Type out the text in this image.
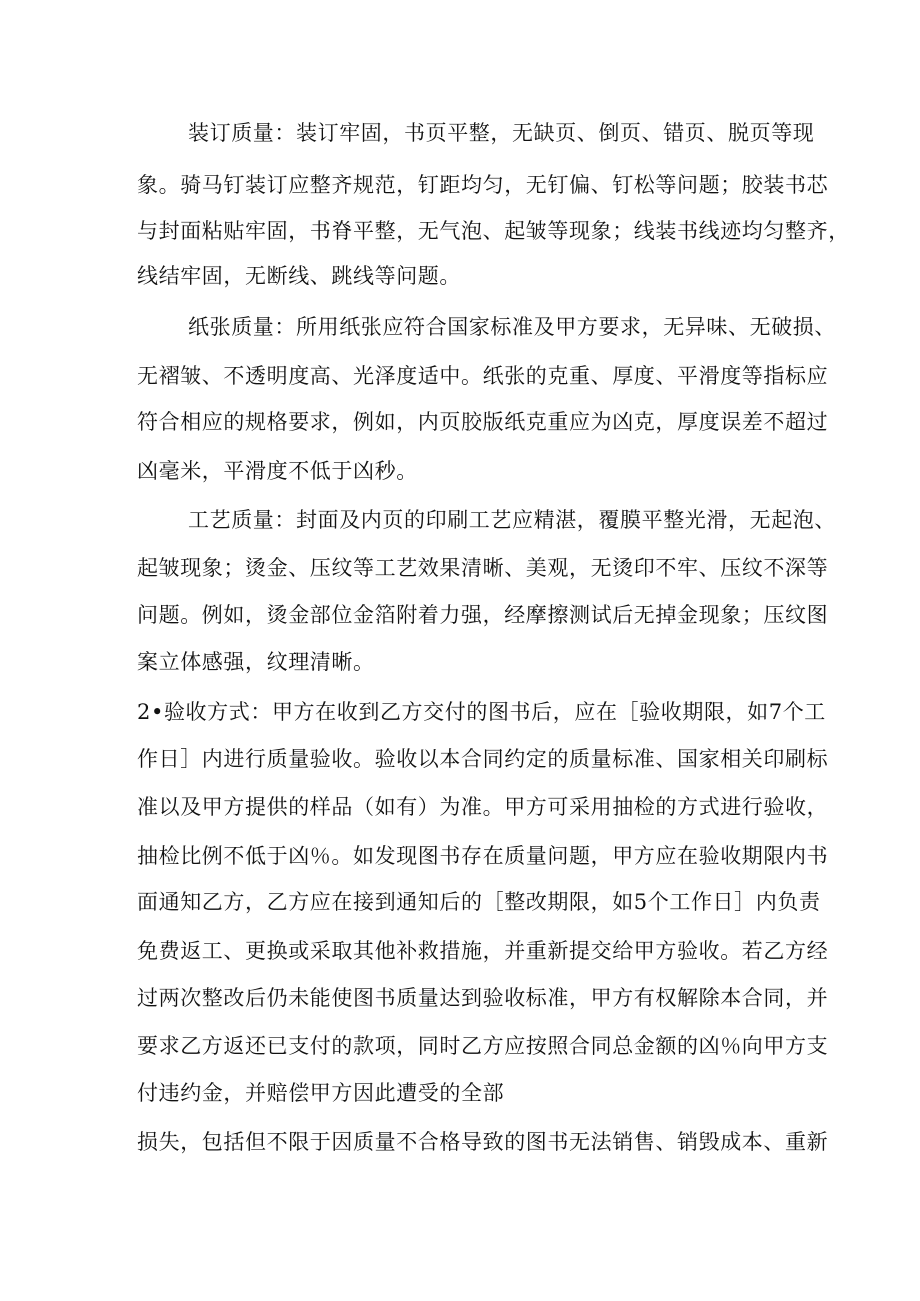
装订质量：装订牢固，书页平整，无缺页、倒页、错页、脱页等现
象。骑马钉装订应整齐规范，钉距均匀，无钉偏、钉松等问题；胶装书芯
与封面粘贴牢固，书脊平整，无气泡、起皱等现象；线装书线迹均匀整齐，
线结牢固，无断线、跳线等问题。
纸张质量：所用纸张应符合国家标准及甲方要求，无异味、无破损、
无褶皱、不透明度高、光泽度适中。纸张的克重、厚度、平滑度等指标应
符合相应的规格要求，例如，内页胶版纸克重应为凶克，厚度误差不超过
凶毫米，平滑度不低于凶秒。
工艺质量：封面及内页的印刷工艺应精湛，覆膜平整光滑，无起泡、
起皱现象；烫金、压纹等工艺效果清晰、美观，无烫印不牢、压纹不深等
问题。例如，烫金部位金箔附着力强，经摩擦测试后无掉金现象；压纹图
案立体感强，纹理清晰。
2•验收方式：甲方在收到乙方交付的图书后，应在［验收期限，如7个工
作日］内进行质量验收。验收以本合同约定的质量标准、国家相关印刷标
准以及甲方提供的样品（如有）为准。甲方可采用抽检的方式进行验收，
抽检比例不低于凶％。如发现图书存在质量问题，甲方应在验收期限内书
面通知乙方，乙方应在接到通知后的［整改期限，如5个工作日］内负责
免费返工、更换或采取其他补救措施，并重新提交给甲方验收。若乙方经
过两次整改后仍未能使图书质量达到验收标准，甲方有权解除本合同，并
要求乙方返还已支付的款项，同时乙方应按照合同总金额的凶％向甲方支
付违约金，并赔偿甲方因此遭受的全部
损失，包括但不限于因质量不合格导致的图书无法销售、销毁成本、重新
